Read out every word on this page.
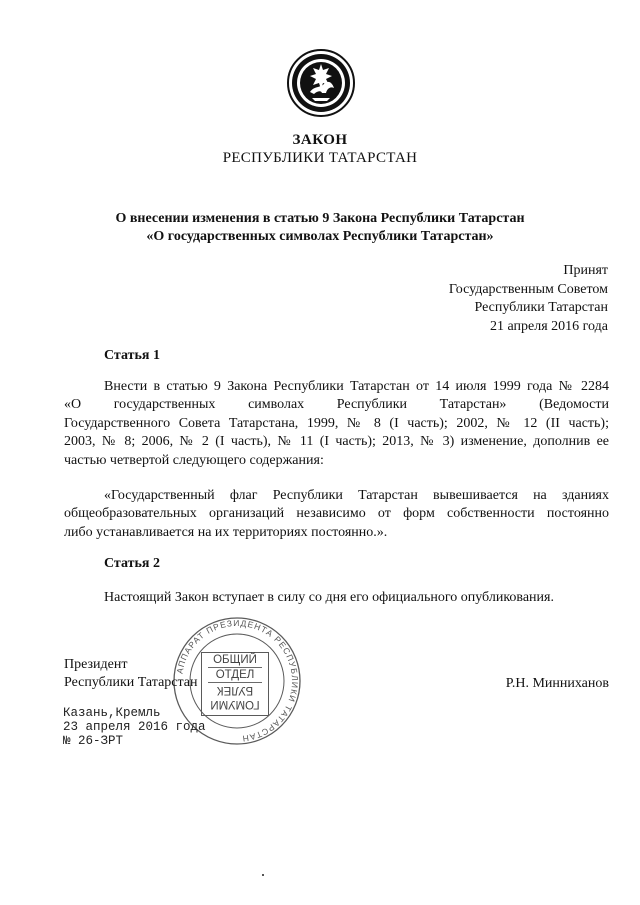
ЗАКОН
РЕСПУБЛИКИ ТАТАРСТАН
О внесении изменения в статью 9 Закона Республики Татарстан
«О государственных символах Республики Татарстан»
Принят
Государственным Советом
Республики Татарстан
21 апреля 2016 года
Статья 1
Внести в статью 9 Закона Республики Татарстан от 14 июля 1999 года № 2284
«О государственных символах Республики Татарстан» (Ведомости
Государственного Совета Татарстана, 1999, № 8 (I часть); 2002, № 12 (II часть);
2003, № 8; 2006, № 2 (I часть), № 11 (I часть); 2013, № 3) изменение, дополнив ее
частью четвертой следующего содержания:
«Государственный флаг Республики Татарстан вывешивается на зданиях
общеобразовательных организаций независимо от форм собственности постоянно
либо устанавливается на их территориях постоянно.».
Статья 2
Настоящий Закон вступает в силу со дня его официального опубликования.
АППАРАТ ПРЕЗИДЕНТА РЕСПУБЛИКИ ТАТАРСТАН
Президент
Республики Татарстан
ОБЩИЙ
ОТДЕЛ
БУЛЕК
ГОМУМИ
Р.Н. Минниханов
Казань,Кремль
23 апреля 2016 года
№ 26-ЗРТ
